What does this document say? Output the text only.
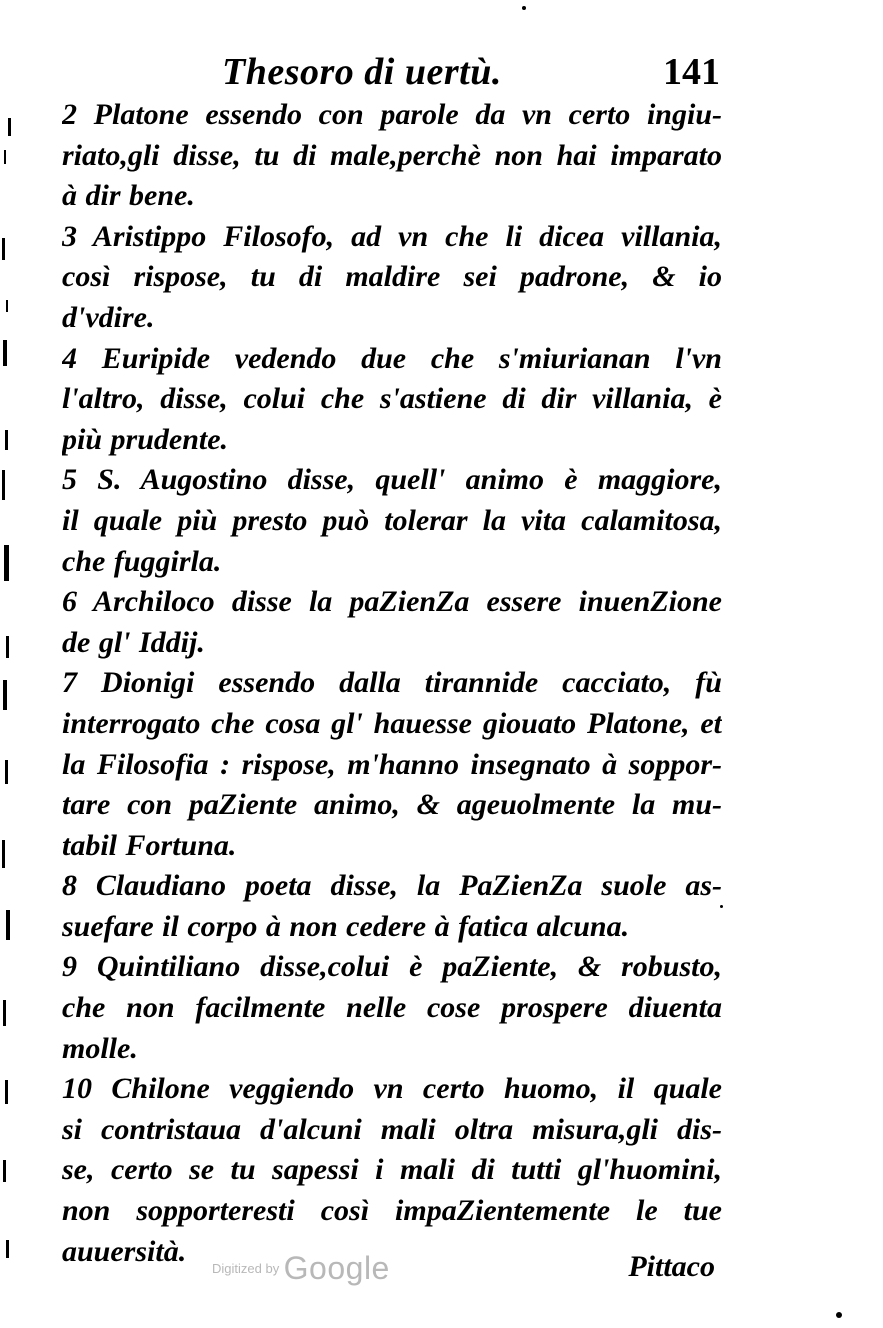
Thesoro di uertù.	141
2 Platone essendo con parole da vn certo ingiu-
riato,gli disse, tu di male,perchè non hai imparato
à dir bene.
3 Aristippo Filosofo, ad vn che li dicea villania,
così rispose, tu di maldire sei padrone, & io
d'vdire.
4 Euripide vedendo due che s'miurianan l'vn
l'altro, disse, colui che s'astiene di dir villania, è
più prudente.
5 S. Augostino disse, quell' animo è maggiore,
il quale più presto può tolerar la vita calamitosa,
che fuggirla.
6 Archiloco disse la paZienZa essere inuenZione
de gl' Iddij.
7 Dionigi essendo dalla tirannide cacciato, fù
interrogato che cosa gl' hauesse giouato Platone, et
la Filosofia : rispose, m'hanno insegnato à soppor-
tare con paZiente animo, & ageuolmente la mu-
tabil Fortuna.
8 Claudiano poeta disse, la PaZienZa suole as-
suefare il corpo à non cedere à fatica alcuna.
9 Quintiliano disse,colui è paZiente, & robusto,
che non facilmente nelle cose prospere diuenta
molle.
10 Chilone veggiendo vn certo huomo, il quale
si contristaua d'alcuni mali oltra misura,gli dis-
se, certo se tu sapessi i mali di tutti gl'huomini,
non sopporteresti così impaZientemente le tue
auuersità.
$^{Digitized by}$ Google	Pittaco
